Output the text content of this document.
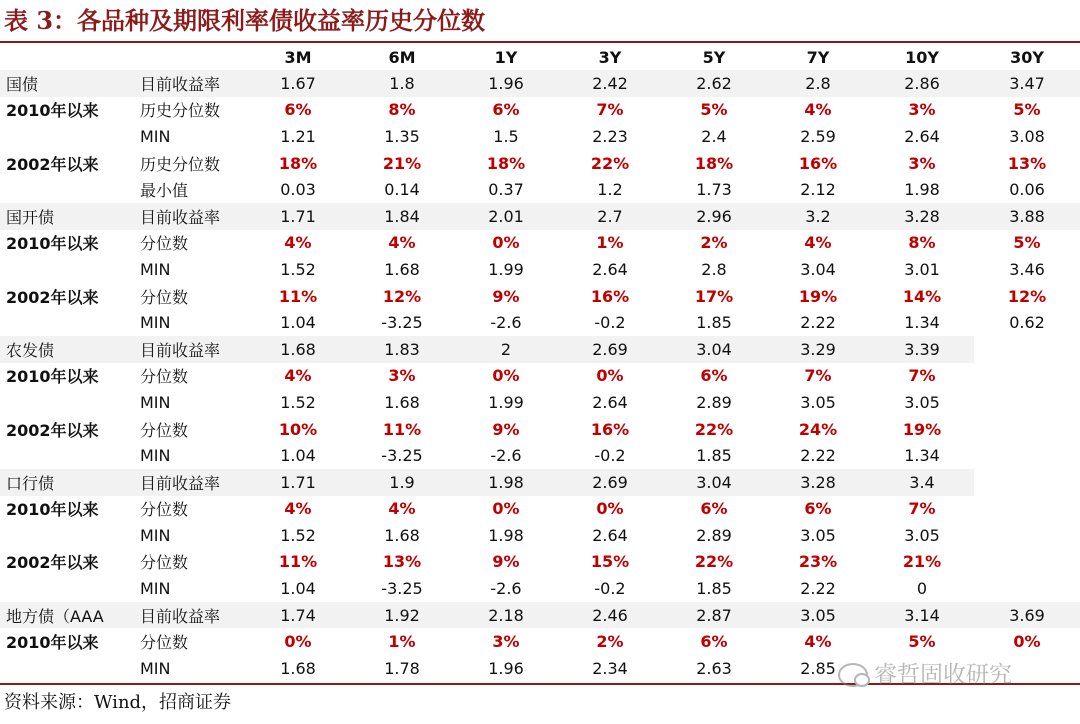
表 3：各品种及期限利率债收益率历史分位数
		3M	6M	1Y	3Y	5Y	7Y	10Y	30Y
国债	目前收益率	1.67	1.8	1.96	2.42	2.62	2.8	2.86	3.47
2010年以来	历史分位数	6%	8%	6%	7%	5%	4%	3%	5%
	MIN	1.21	1.35	1.5	2.23	2.4	2.59	2.64	3.08
2002年以来	历史分位数	18%	21%	18%	22%	18%	16%	3%	13%
	最小值	0.03	0.14	0.37	1.2	1.73	2.12	1.98	0.06
国开债	目前收益率	1.71	1.84	2.01	2.7	2.96	3.2	3.28	3.88
2010年以来	分位数	4%	4%	0%	1%	2%	4%	8%	5%
	MIN	1.52	1.68	1.99	2.64	2.8	3.04	3.01	3.46
2002年以来	分位数	11%	12%	9%	16%	17%	19%	14%	12%
	MIN	1.04	-3.25	-2.6	-0.2	1.85	2.22	1.34	0.62
农发债	目前收益率	1.68	1.83	2	2.69	3.04	3.29	3.39	
2010年以来	分位数	4%	3%	0%	0%	6%	7%	7%	
	MIN	1.52	1.68	1.99	2.64	2.89	3.05	3.05	
2002年以来	分位数	10%	11%	9%	16%	22%	24%	19%	
	MIN	1.04	-3.25	-2.6	-0.2	1.85	2.22	1.34	
口行债	目前收益率	1.71	1.9	1.98	2.69	3.04	3.28	3.4	
2010年以来	分位数	4%	4%	0%	0%	6%	6%	7%	
	MIN	1.52	1.68	1.98	2.64	2.89	3.05	3.05	
2002年以来	分位数	11%	13%	9%	15%	22%	23%	21%	
	MIN	1.04	-3.25	-2.6	-0.2	1.85	2.22	0	
地方债（AAA	目前收益率	1.74	1.92	2.18	2.46	2.87	3.05	3.14	3.69
2010年以来	分位数	0%	1%	3%	2%	6%	4%	5%	0%
	MIN	1.68	1.78	1.96	2.34	2.63	2.85		
资料来源：Wind，招商证券
睿哲固收研究
